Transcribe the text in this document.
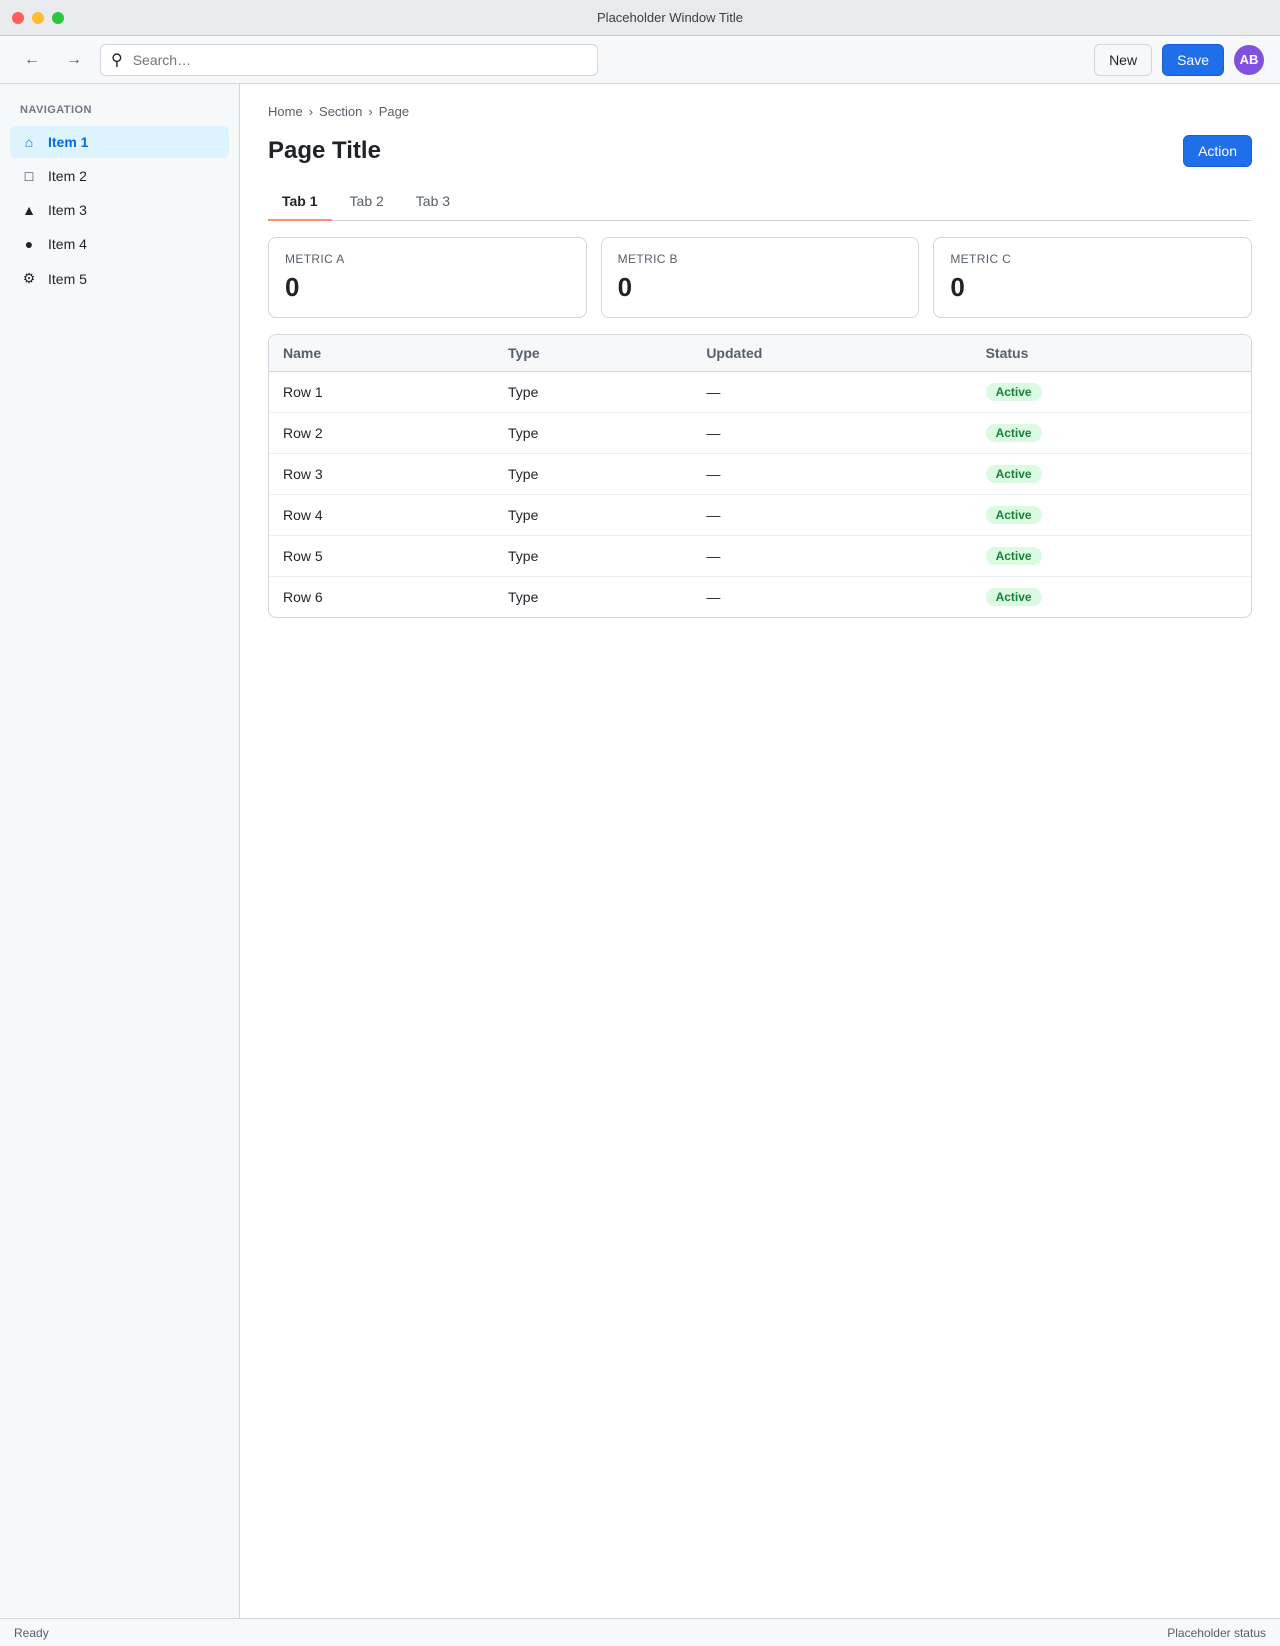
Placeholder Window Title
← → ⚲
Search…	New	Save	AB
NAVIGATION
⌂	Item 1
□	Item 2
▲ Item 3
●	Item 4
⚙ Item 5
Home › Section › Page
Page Title	Action
Tab 1	Tab 2	Tab 3
METRIC A
0
METRIC B
0
METRIC C
0
Name	Type	Updated	Status
Row 1	Type	—	Active
Row 2	Type	—	Active
Row 3	Type	—	Active
Row 4	Type	—	Active
Row 5	Type	—	Active
Row 6	Type	—	Active
Ready	Placeholder status
